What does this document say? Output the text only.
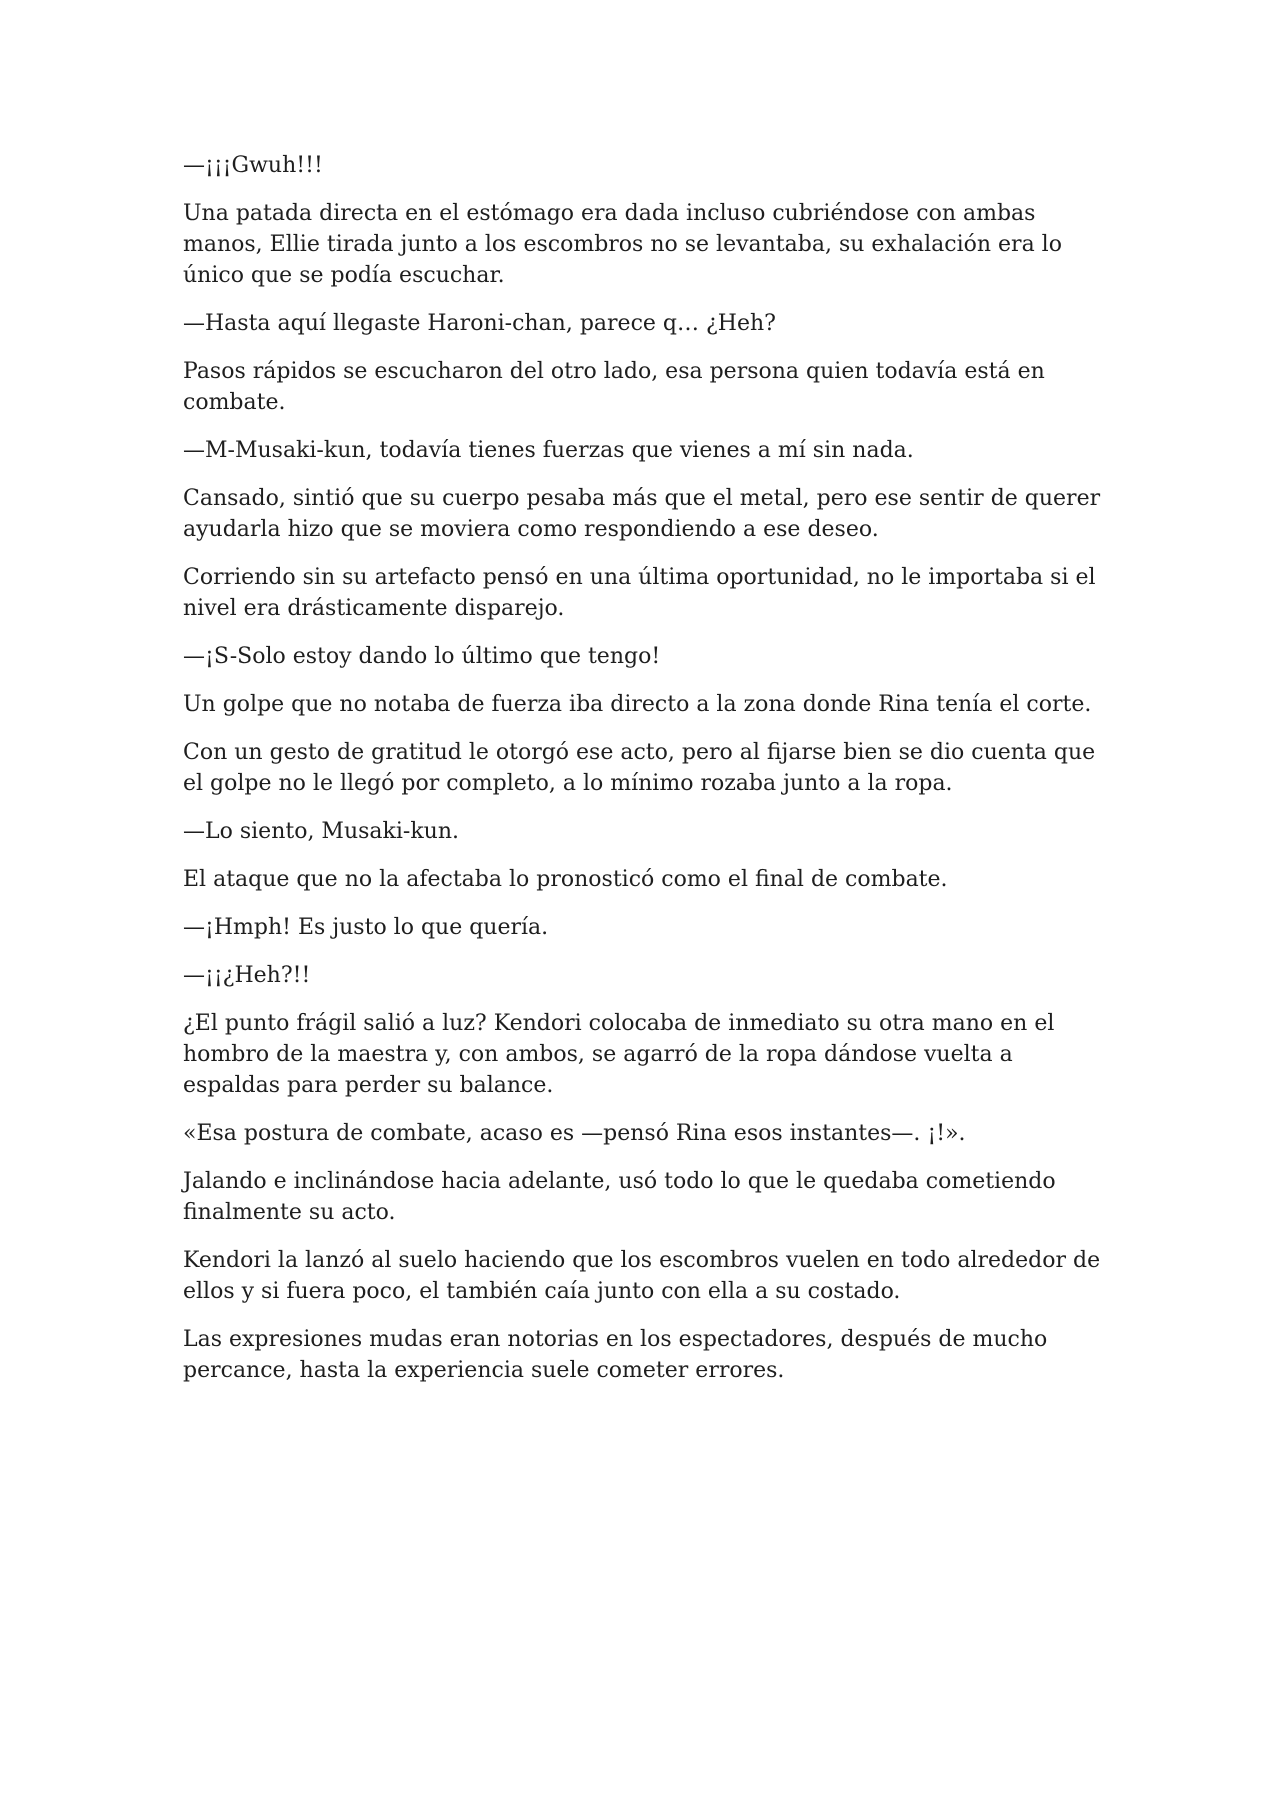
—¡¡¡Gwuh!!!

Una patada directa en el estómago era dada incluso cubriéndose con ambas manos, Ellie tirada junto a los escombros no se levantaba, su exhalación era lo único que se podía escuchar.

—Hasta aquí llegaste Haroni-chan, parece q… ¿Heh?

Pasos rápidos se escucharon del otro lado, esa persona quien todavía está en combate.

—M-Musaki-kun, todavía tienes fuerzas que vienes a mí sin nada.

Cansado, sintió que su cuerpo pesaba más que el metal, pero ese sentir de querer ayudarla hizo que se moviera como respondiendo a ese deseo.

Corriendo sin su artefacto pensó en una última oportunidad, no le importaba si el nivel era drásticamente disparejo.

—¡S-Solo estoy dando lo último que tengo!

Un golpe que no notaba de fuerza iba directo a la zona donde Rina tenía el corte.

Con un gesto de gratitud le otorgó ese acto, pero al fijarse bien se dio cuenta que el golpe no le llegó por completo, a lo mínimo rozaba junto a la ropa.

—Lo siento, Musaki-kun.

El ataque que no la afectaba lo pronosticó como el final de combate.

—¡Hmph! Es justo lo que quería.

—¡¡¿Heh?!!

¿El punto frágil salió a luz? Kendori colocaba de inmediato su otra mano en el hombro de la maestra y, con ambos, se agarró de la ropa dándose vuelta a espaldas para perder su balance.

«Esa postura de combate, acaso es —pensó Rina esos instantes—. ¡!».

Jalando e inclinándose hacia adelante, usó todo lo que le quedaba cometiendo finalmente su acto.

Kendori la lanzó al suelo haciendo que los escombros vuelen en todo alrededor de ellos y si fuera poco, el también caía junto con ella a su costado.

Las expresiones mudas eran notorias en los espectadores, después de mucho percance, hasta la experiencia suele cometer errores.
